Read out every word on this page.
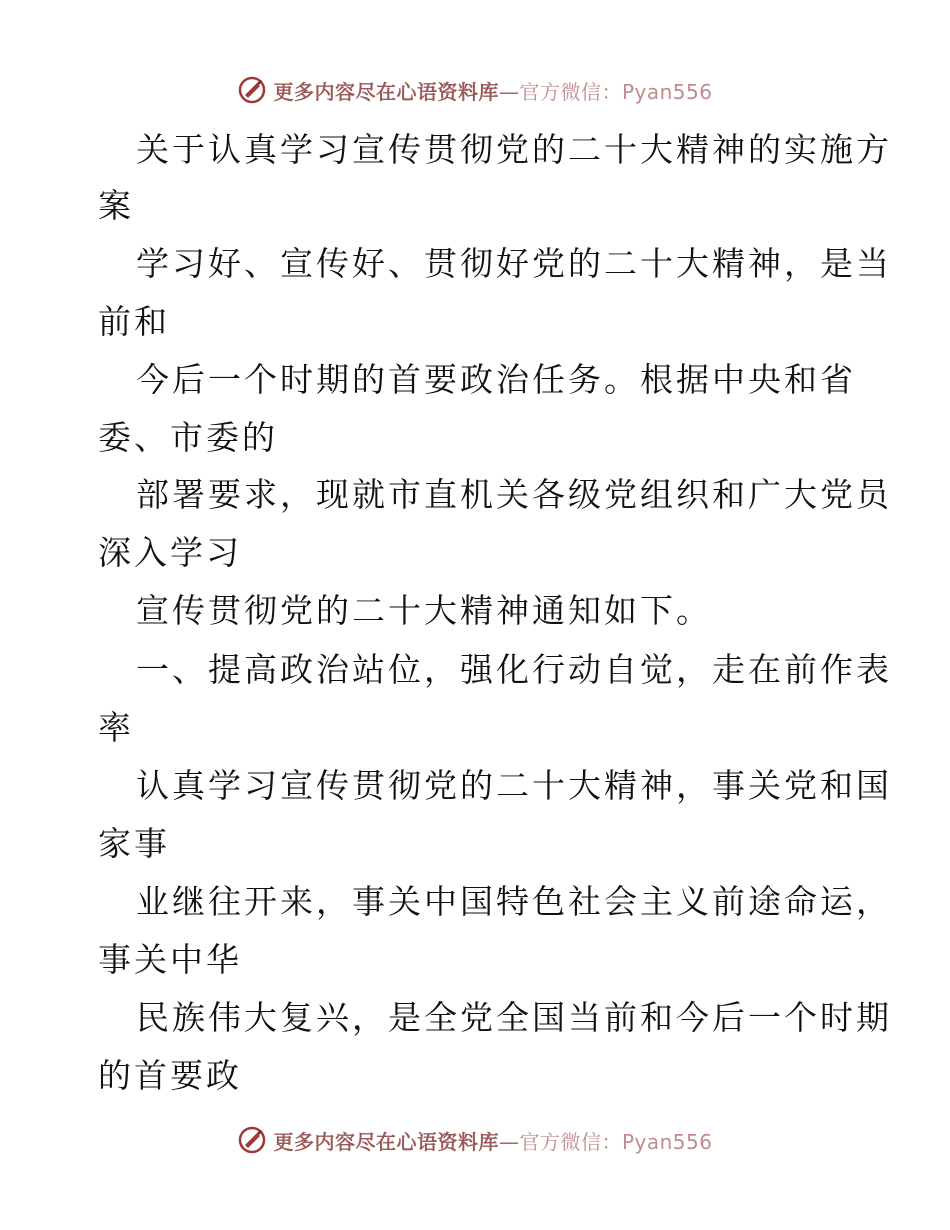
更多内容尽在心语资料库—官方微信：Pyan556
关于认真学习宣传贯彻党的二十大精神的实施方
案
学习好、宣传好、贯彻好党的二十大精神，是当
前和
今后一个时期的首要政治任务。根据中央和省
委、市委的
部署要求，现就市直机关各级党组织和广大党员
深入学习
宣传贯彻党的二十大精神通知如下。
一、提高政治站位，强化行动自觉，走在前作表
率
认真学习宣传贯彻党的二十大精神，事关党和国
家事
业继往开来，事关中国特色社会主义前途命运，
事关中华
民族伟大复兴，是全党全国当前和今后一个时期
的首要政
更多内容尽在心语资料库—官方微信：Pyan556
